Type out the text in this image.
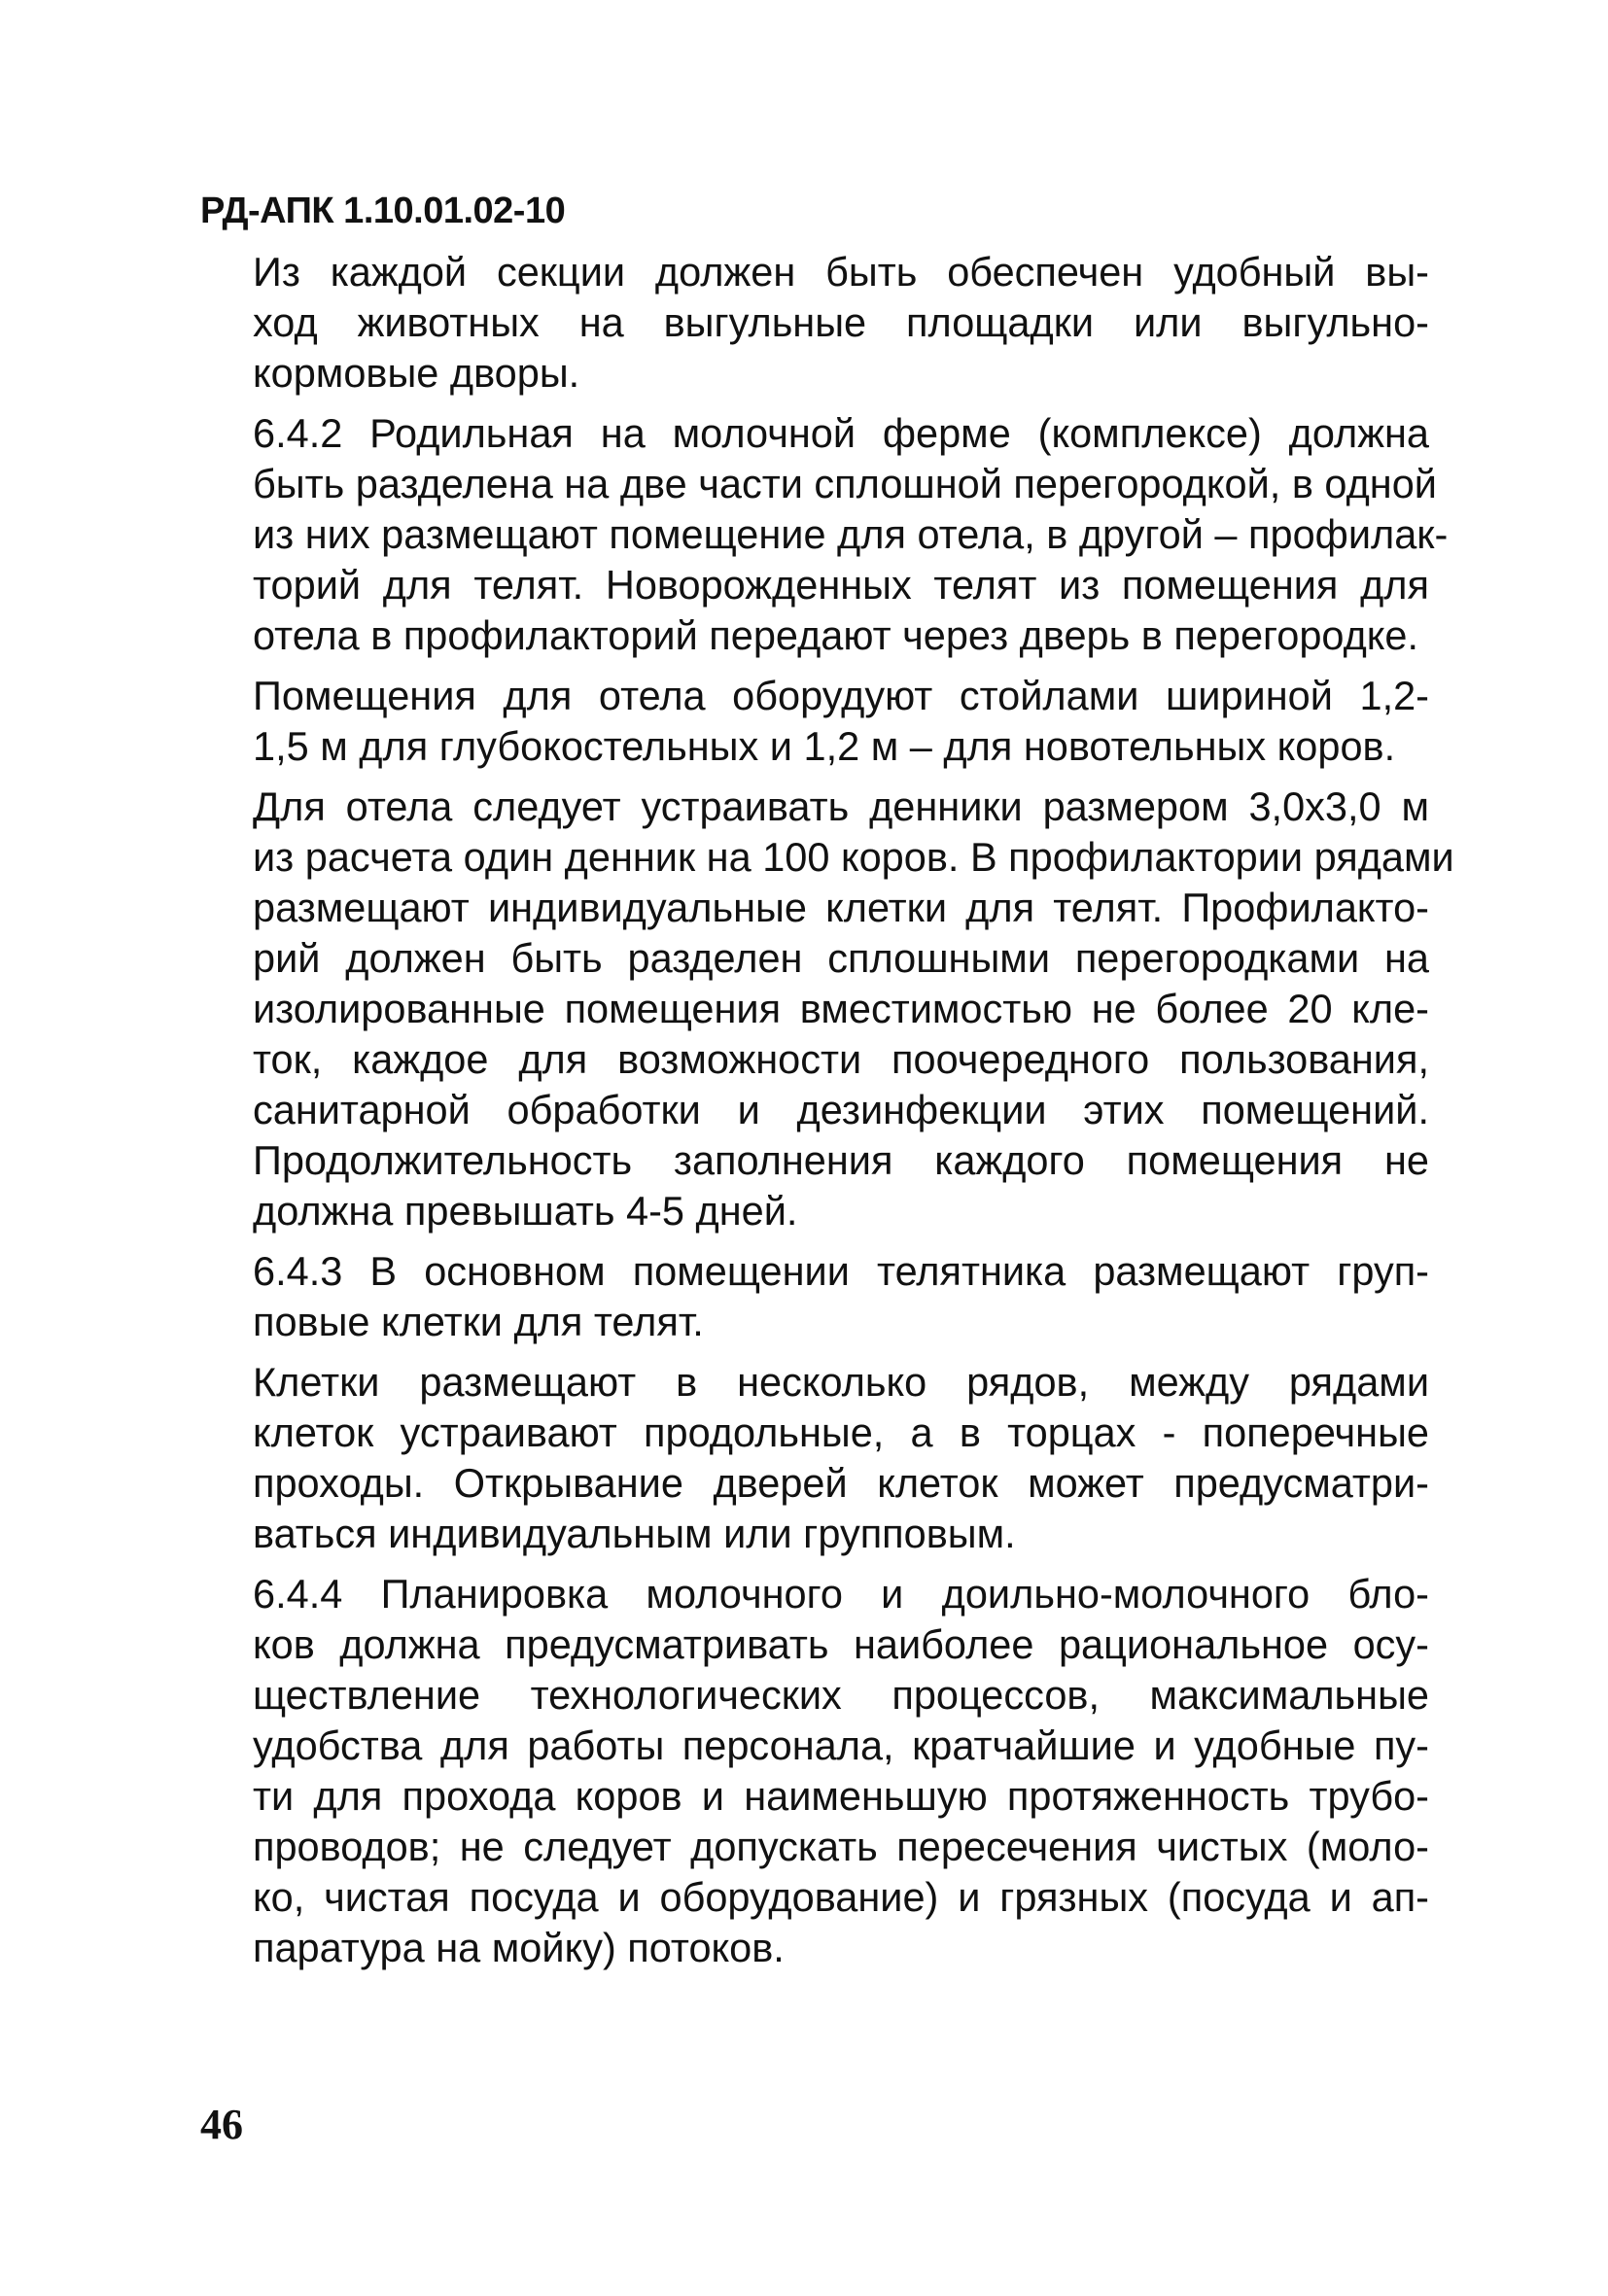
РД-АПК 1.10.01.02-10

Из каждой секции должен быть обеспечен удобный вы-
ход животных на выгульные площадки или выгульно-
кормовые дворы.

6.4.2 Родильная на молочной ферме (комплексе) должна
быть разделена на две части сплошной перегородкой, в одной
из них размещают помещение для отела, в другой – профилак-
торий для телят. Новорожденных телят из помещения для
отела в профилакторий передают через дверь в перегородке.

Помещения для отела оборудуют стойлами шириной 1,2-
1,5 м для глубокостельных и 1,2 м – для новотельных коров.

Для отела следует устраивать денники размером 3,0х3,0 м
из расчета один денник на 100 коров. В профилактории рядами
размещают индивидуальные клетки для телят. Профилакто-
рий должен быть разделен сплошными перегородками на
изолированные помещения вместимостью не более 20 кле-
ток, каждое для возможности поочередного пользования,
санитарной обработки и дезинфекции этих помещений.
Продолжительность заполнения каждого помещения не
должна превышать 4-5 дней.

6.4.3 В основном помещении телятника размещают груп-
повые клетки для телят.

Клетки размещают в несколько рядов, между рядами
клеток устраивают продольные, а в торцах - поперечные
проходы. Открывание дверей клеток может предусматри-
ваться индивидуальным или групповым.

6.4.4 Планировка молочного и доильно-молочного бло-
ков должна предусматривать наиболее рациональное осу-
ществление технологических процессов, максимальные
удобства для работы персонала, кратчайшие и удобные пу-
ти для прохода коров и наименьшую протяженность трубо-
проводов; не следует допускать пересечения чистых (моло-
ко, чистая посуда и оборудование) и грязных (посуда и ап-
паратура на мойку) потоков.

46
